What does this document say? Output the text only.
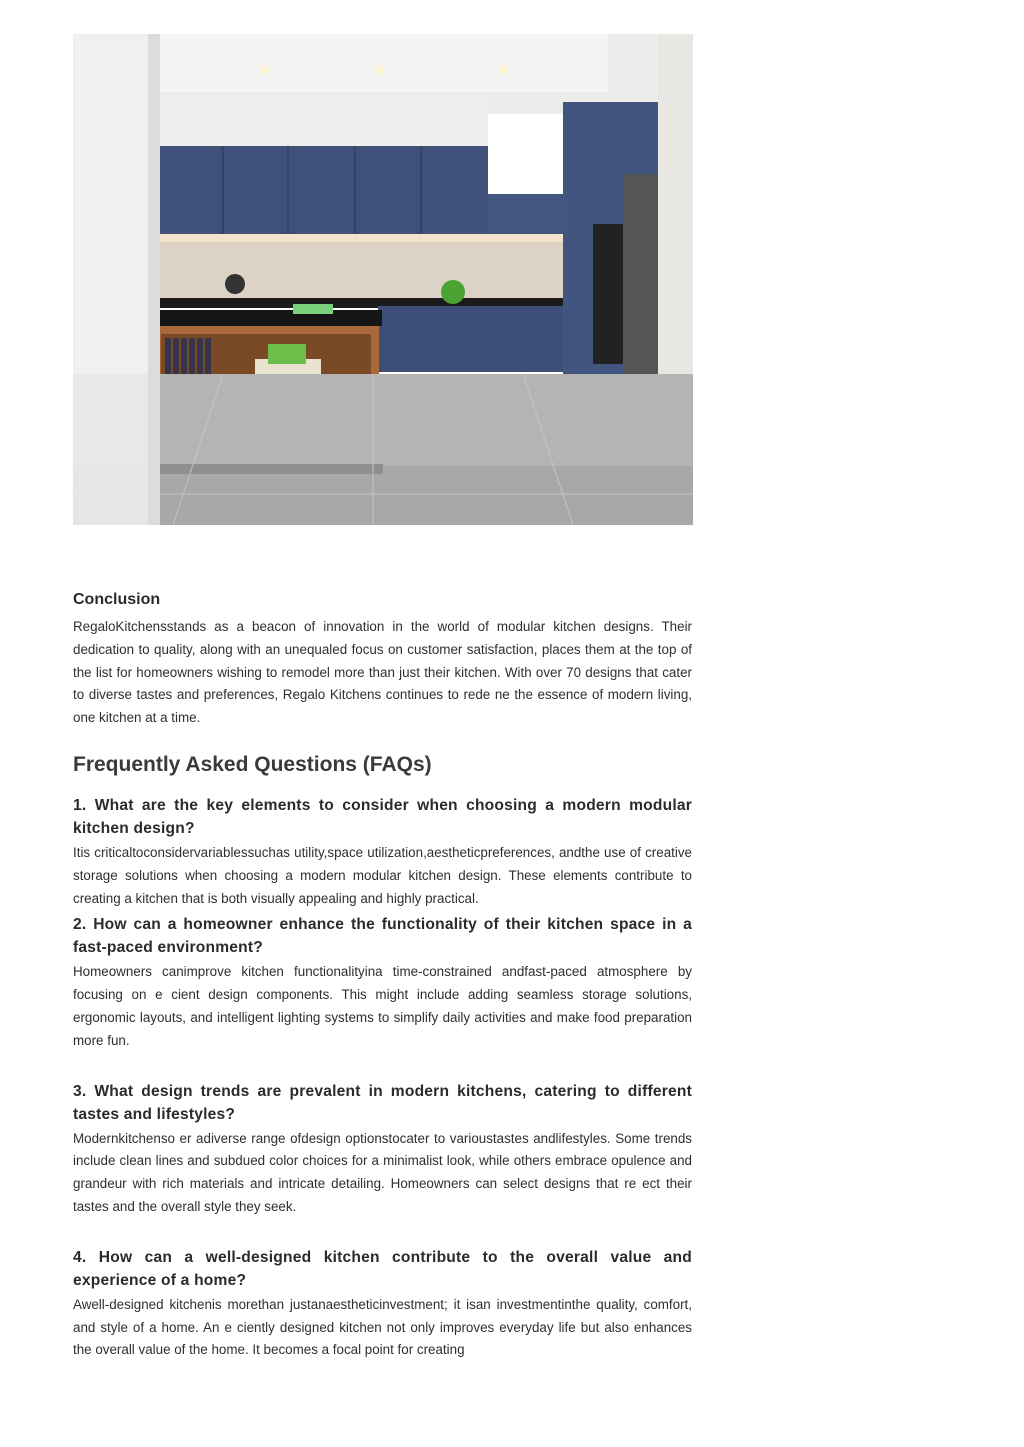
Conclusion

RegaloKitchensstands as a beacon of innovation in the world of modular kitchen designs. Their dedication to quality, along with an unequaled focus on customer satisfaction, places them at the top of the list for homeowners wishing to remodel more than just their kitchen. With over 70 designs that cater to diverse tastes and preferences, Regalo Kitchens continues to rede ne the essence of modern living, one kitchen at a time.

Frequently Asked Questions (FAQs)
1. What are the key elements to consider when choosing a modern modular kitchen design?

Itis criticaltoconsidervariablessuchas utility,space utilization,aestheticpreferences, andthe use of creative storage solutions when choosing a modern modular kitchen design. These elements contribute to creating a kitchen that is both visually appealing and highly practical.

2. How can a homeowner enhance the functionality of their kitchen space in a fast-paced environment?

Homeowners canimprove kitchen functionalityina time-constrained andfast-paced atmosphere by focusing on e cient design components. This might include adding seamless storage solutions, ergonomic layouts, and intelligent lighting systems to simplify daily activities and make food preparation more fun.

3. What design trends are prevalent in modern kitchens, catering to different tastes and lifestyles?

Modernkitchenso er adiverse range ofdesign optionstocater to varioustastes andlifestyles. Some trends include clean lines and subdued color choices for a minimalist look, while others embrace opulence and grandeur with rich materials and intricate detailing. Homeowners can select designs that re ect their tastes and the overall style they seek.

4. How can a well-designed kitchen contribute to the overall value and experience of a home?

Awell-designed kitchenis morethan justanaestheticinvestment; it isan investmentinthe quality, comfort, and style of a home. An e ciently designed kitchen not only improves everyday life but also enhances the overall value of the home. It becomes a focal point for creating
